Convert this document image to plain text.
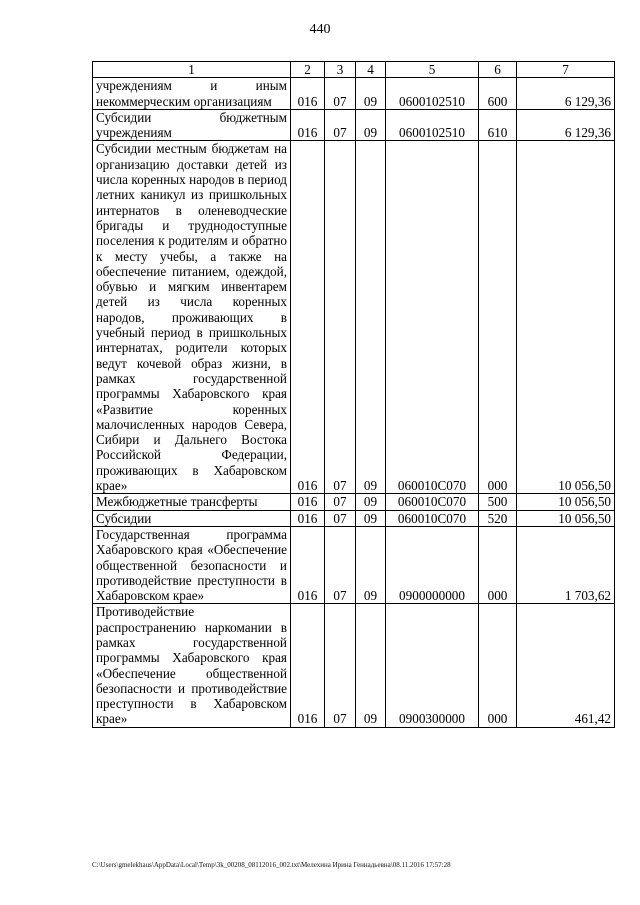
440
1	2	3	4	5	6	7
учреждениям и иным некоммерческим организациям	016	07	09	0600102510	600	6 129,36
Субсидии бюджетным учреждениям	016	07	09	0600102510	610	6 129,36
Субсидии местным бюджетам на организацию доставки детей из числа коренных народов в период летних каникул из пришкольных интернатов в оленеводческие бригады и труднодоступные поселения к родителям и обратно к месту учебы, а также на обеспечение питанием, одеждой, обувью и мягким инвентарем детей из числа коренных народов, проживающих в учебный период в пришкольных интернатах, родители которых ведут кочевой образ жизни, в рамках государственной программы Хабаровского края «Развитие коренных малочисленных народов Севера, Сибири и Дальнего Востока Российской Федерации, проживающих в Хабаровском крае»	016	07	09	060010С070	000	10 056,50
Межбюджетные трансферты	016	07	09	060010С070	500	10 056,50
Субсидии	016	07	09	060010С070	520	10 056,50
Государственная программа Хабаровского края «Обеспечение общественной безопасности и противодействие преступности в Хабаровском крае»	016	07	09	0900000000	000	1 703,62
Противодействие распространению наркомании в рамках государственной программы Хабаровского края «Обеспечение общественной безопасности и противодействие преступности в Хабаровском крае»	016	07	09	0900300000	000	461,42
C:\Users\gmelekhaus\AppData\Local\Temp\3k_00208_08112016_002.txt\Мелехина Ирина Геннадьевна\08.11.2016 17:57:28
